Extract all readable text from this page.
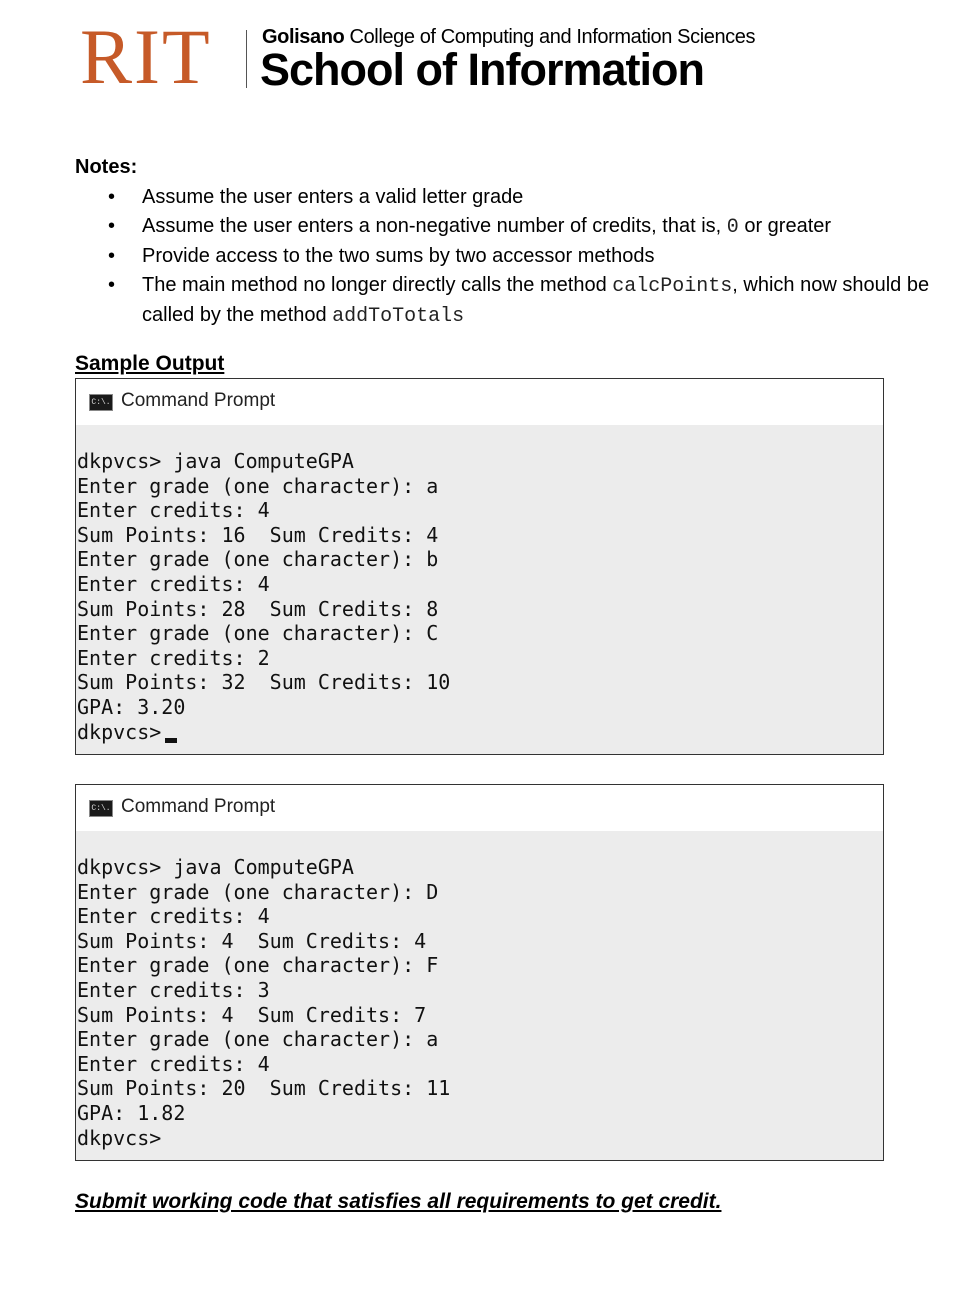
RIT	Golisano College of Computing and Information Sciences
School of Information
Notes:
• Assume the user enters a valid letter grade
• Assume the user enters a non-negative number of credits, that is, 0 or greater
• Provide access to the two sums by two accessor methods
• The main method no longer directly calls the method calcPoints, which now should be called by the method addToTotals
Sample Output
C:\. Command Prompt
dkpvcs> java ComputeGPA
Enter grade (one character): a
Enter credits: 4
Sum Points: 16  Sum Credits: 4
Enter grade (one character): b
Enter credits: 4
Sum Points: 28  Sum Credits: 8
Enter grade (one character): C
Enter credits: 2
Sum Points: 32  Sum Credits: 10
GPA: 3.20
dkpvcs>
C:\. Command Prompt
dkpvcs> java ComputeGPA
Enter grade (one character): D
Enter credits: 4
Sum Points: 4  Sum Credits: 4
Enter grade (one character): F
Enter credits: 3
Sum Points: 4  Sum Credits: 7
Enter grade (one character): a
Enter credits: 4
Sum Points: 20  Sum Credits: 11
GPA: 1.82
dkpvcs>
Submit working code that satisfies all requirements to get credit.
